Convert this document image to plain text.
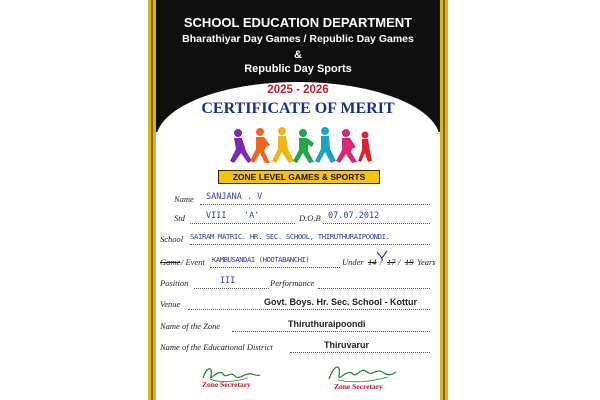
SCHOOL EDUCATION DEPARTMENT
Bharathiyar Day Games / Republic Day Games
&
Republic Day Sports
2025 - 2026
CERTIFICATE OF MERIT
ZONE LEVEL GAMES & SPORTS
Name SANJANA . V
Std VIII 'A'	D.O.B 07.07.2012
School SAIRAM MATRIC. HR. SEC. SCHOOL, THIRUTHURAIPOONDI.
Game / Event KAMBUSANDAI (HOOTABANCHI)	Under 14 / 17 / 19 Years
Position	III	Performance
Venue	Govt. Boys. Hr. Sec. School - Kottur
Name of the Zone	Thiruthuraipoondi
Name of the Educational District	Thiruvarur
Zone Secretary	Zone Secretary
